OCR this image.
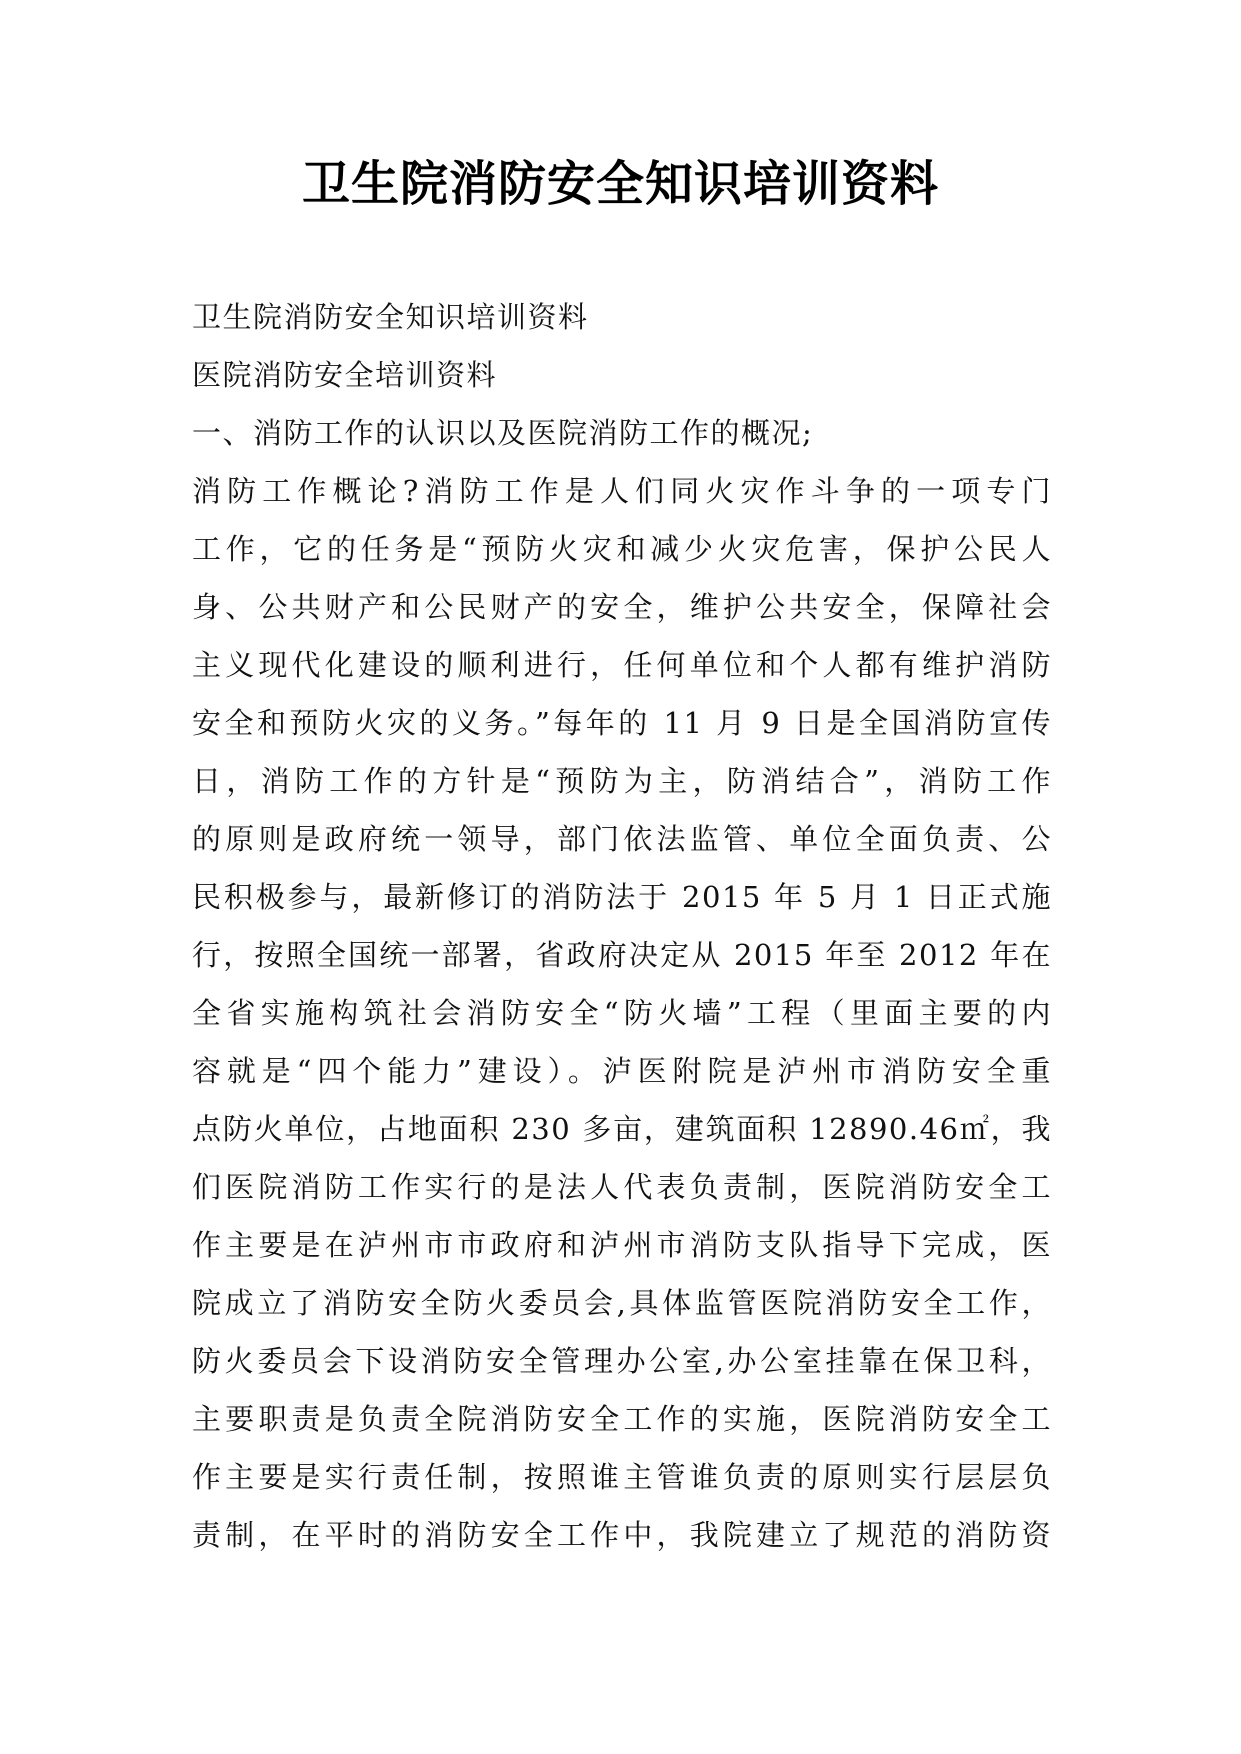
卫生院消防安全知识培训资料
卫生院消防安全知识培训资料
医院消防安全培训资料
一、消防工作的认识以及医院消防工作的概况;
消防工作概论?消防工作是人们同火灾作斗争的一项专门
工作，它的任务是“预防火灾和减少火灾危害，保护公民人
身、公共财产和公民财产的安全，维护公共安全，保障社会
主义现代化建设的顺利进行，任何单位和个人都有维护消防
安全和预防火灾的义务。”每年的 11 月 9 日是全国消防宣传
日，消防工作的方针是“预防为主，防消结合”，消防工作
的原则是政府统一领导，部门依法监管、单位全面负责、公
民积极参与，最新修订的消防法于 2015 年 5 月 1 日正式施
行，按照全国统一部署，省政府决定从 2015 年至 2012 年在
全省实施构筑社会消防安全“防火墙”工程（里面主要的内
容就是“四个能力”建设）。泸医附院是泸州市消防安全重
点防火单位，占地面积 230 多亩，建筑面积 12890.46㎡，我
们医院消防工作实行的是法人代表负责制，医院消防安全工
作主要是在泸州市市政府和泸州市消防支队指导下完成，医
院成立了消防安全防火委员会,具体监管医院消防安全工作，
防火委员会下设消防安全管理办公室,办公室挂靠在保卫科，
主要职责是负责全院消防安全工作的实施，医院消防安全工
作主要是实行责任制，按照谁主管谁负责的原则实行层层负
责制，在平时的消防安全工作中，我院建立了规范的消防资
